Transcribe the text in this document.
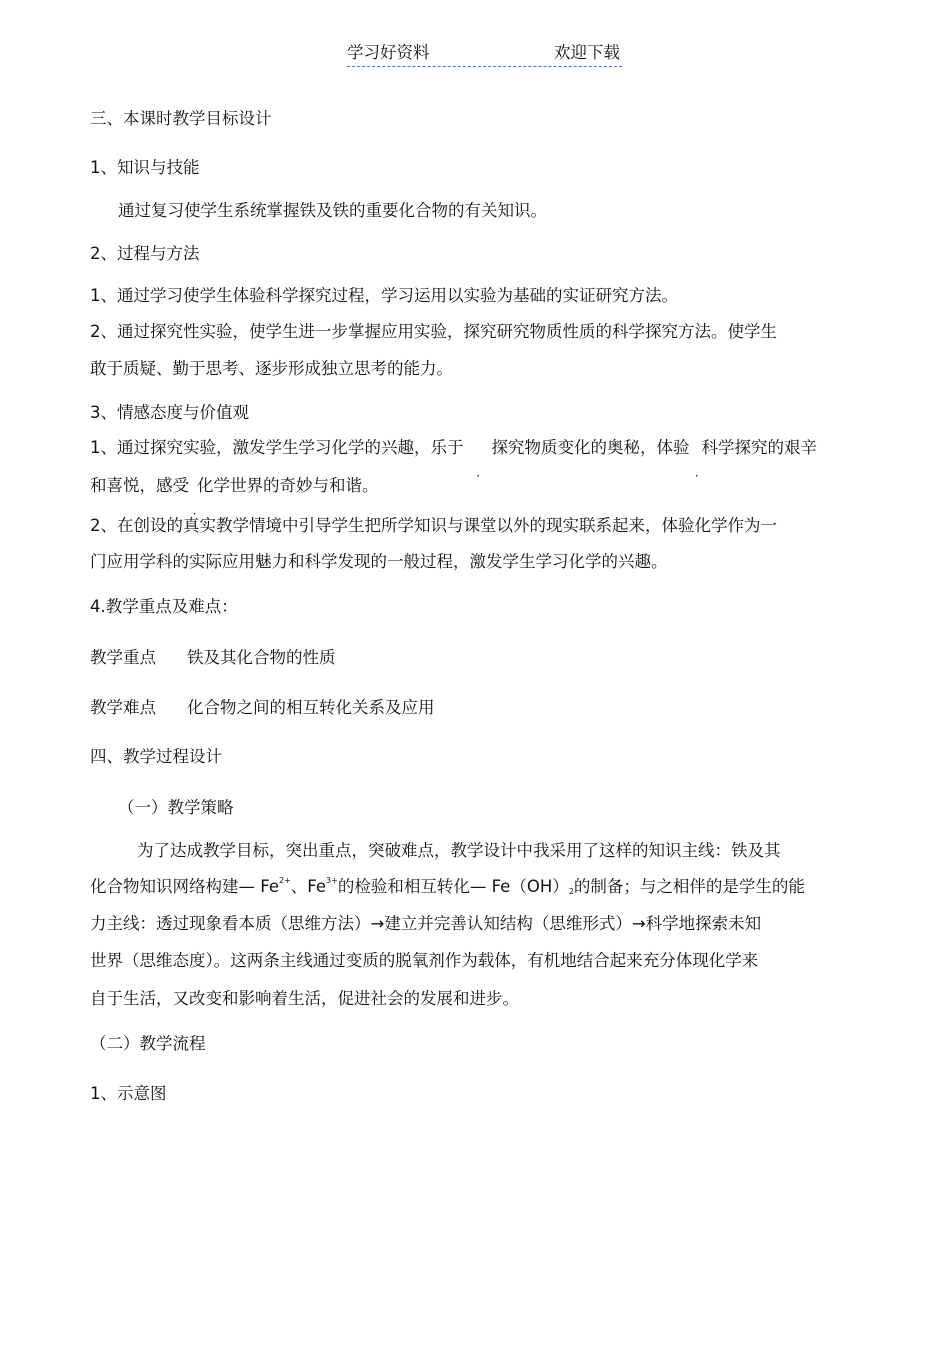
学习好资料	欢迎下载
三、本课时教学目标设计
1、知识与技能
通过复习使学生系统掌握铁及铁的重要化合物的有关知识。
2、过程与方法
1、通过学习使学生体验科学探究过程，学习运用以实验为基础的实证研究方法。
2、通过探究性实验，使学生进一步掌握应用实验，探究研究物质性质的科学探究方法。使学生
敢于质疑、勤于思考、逐步形成独立思考的能力。
3、情感态度与价值观
1、通过探究实验，激发学生学习化学的兴趣，乐于 探究物质变化的奥秘，体验 科学探究的艰辛
和喜悦，感受 化学世界的奇妙与和谐。
2、在创设的真实教学情境中引导学生把所学知识与课堂以外的现实联系起来，体验化学作为一
门应用学科的实际应用魅力和科学发现的一般过程，激发学生学习化学的兴趣。
4.教学重点及难点：
教学重点 铁及其化合物的性质
教学难点 化合物之间的相互转化关系及应用
四、教学过程设计
（一）教学策略
为了达成教学目标，突出重点，突破难点，教学设计中我采用了这样的知识主线：铁及其
化合物知识网络构建— $Fe^{2+}$、$Fe^{3+}$的检验和相互转化— $Fe(OH)_2$的制备；与之相伴的是学生的能
力主线：透过现象看本质（思维方法）→建立并完善认知结构（思维形式）→科学地探索未知
世界（思维态度）。这两条主线通过变质的脱氧剂作为载体，有机地结合起来充分体现化学来
自于生活，又改变和影响着生活，促进社会的发展和进步。
（二）教学流程
1、示意图
